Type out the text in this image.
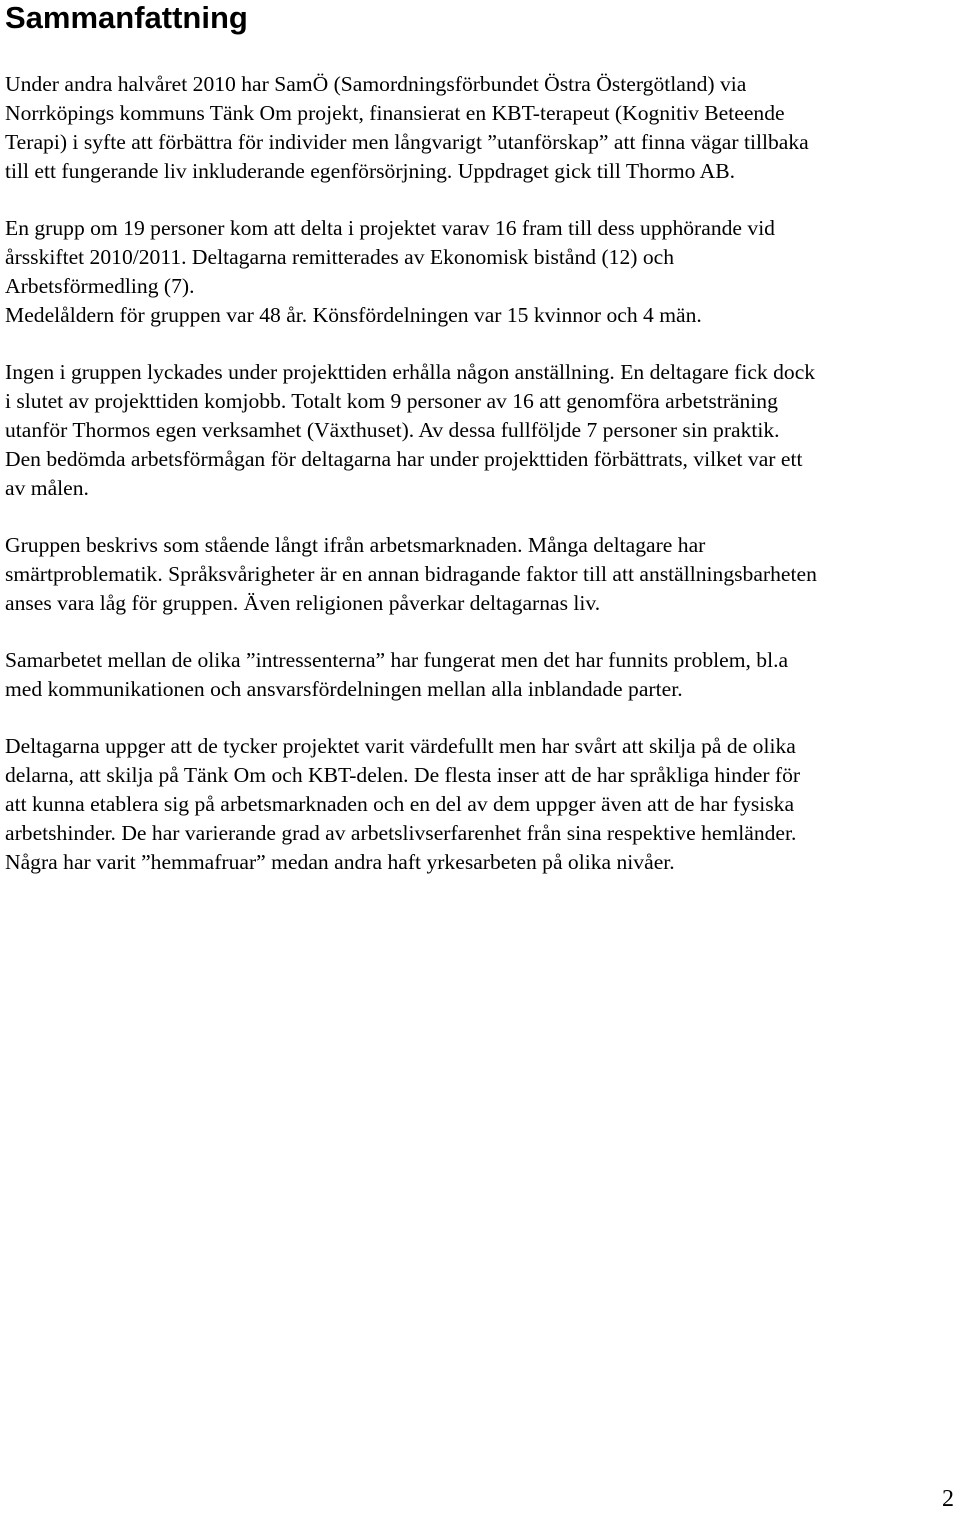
Sammanfattning

Under andra halvåret 2010 har SamÖ (Samordningsförbundet Östra Östergötland) via
Norrköpings kommuns Tänk Om projekt, finansierat en KBT-terapeut (Kognitiv Beteende
Terapi) i syfte att förbättra för individer men långvarigt ”utanförskap” att finna vägar tillbaka
till ett fungerande liv inkluderande egenförsörjning. Uppdraget gick till Thormo AB.

En grupp om 19 personer kom att delta i projektet varav 16 fram till dess upphörande vid
årsskiftet 2010/2011. Deltagarna remitterades av Ekonomisk bistånd (12) och
Arbetsförmedling (7).
Medelåldern för gruppen var 48 år. Könsfördelningen var 15 kvinnor och 4 män.

Ingen i gruppen lyckades under projekttiden erhålla någon anställning. En deltagare fick dock
i slutet av projekttiden komjobb. Totalt kom 9 personer av 16 att genomföra arbetsträning
utanför Thormos egen verksamhet (Växthuset). Av dessa fullföljde 7 personer sin praktik.
Den bedömda arbetsförmågan för deltagarna har under projekttiden förbättrats, vilket var ett
av målen.

Gruppen beskrivs som stående långt ifrån arbetsmarknaden. Många deltagare har
smärtproblematik. Språksvårigheter är en annan bidragande faktor till att anställningsbarheten
anses vara låg för gruppen. Även religionen påverkar deltagarnas liv.

Samarbetet mellan de olika ”intressenterna” har fungerat men det har funnits problem, bl.a
med kommunikationen och ansvarsfördelningen mellan alla inblandade parter.

Deltagarna uppger att de tycker projektet varit värdefullt men har svårt att skilja på de olika
delarna, att skilja på Tänk Om och KBT-delen. De flesta inser att de har språkliga hinder för
att kunna etablera sig på arbetsmarknaden och en del av dem uppger även att de har fysiska
arbetshinder. De har varierande grad av arbetslivserfarenhet från sina respektive hemländer.
Några har varit ”hemmafruar” medan andra haft yrkesarbeten på olika nivåer.

2
